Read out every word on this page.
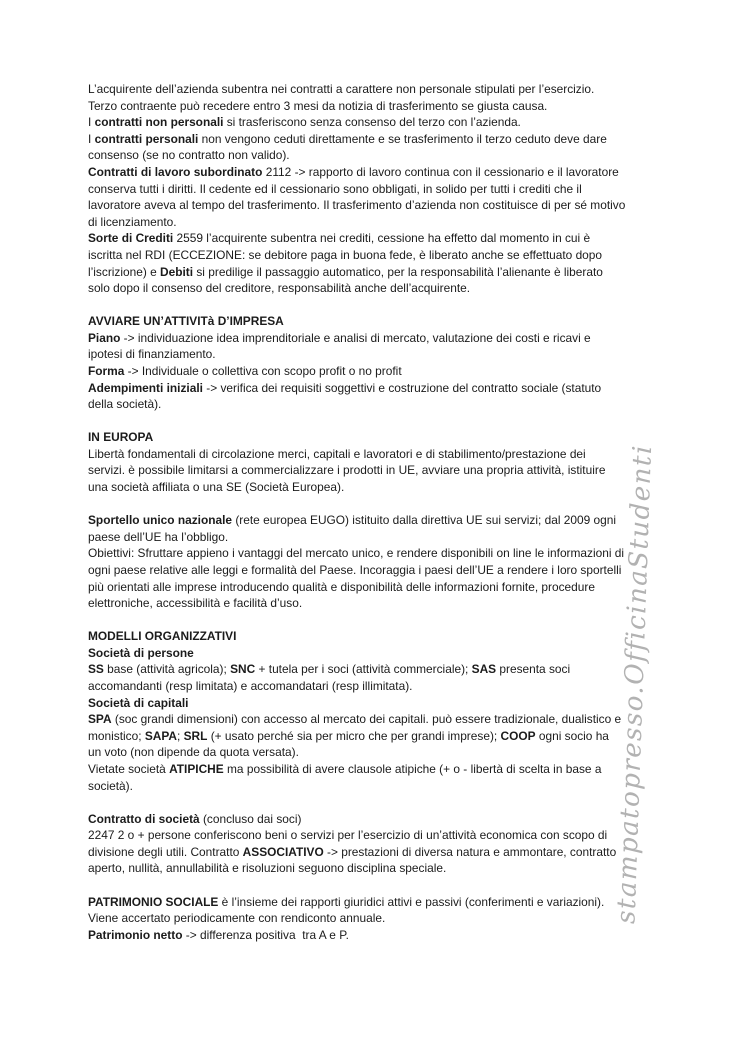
L’acquirente dell’azienda subentra nei contratti a carattere non personale stipulati per l’esercizio.
Terzo contraente può recedere entro 3 mesi da notizia di trasferimento se giusta causa.
I contratti non personali si trasferiscono senza consenso del terzo con l’azienda.
I contratti personali non vengono ceduti direttamente e se trasferimento il terzo ceduto deve dare
consenso (se no contratto non valido).
Contratti di lavoro subordinato 2112 -> rapporto di lavoro continua con il cessionario e il lavoratore
conserva tutti i diritti. Il cedente ed il cessionario sono obbligati, in solido per tutti i crediti che il
lavoratore aveva al tempo del trasferimento. Il trasferimento d’azienda non costituisce di per sé motivo
di licenziamento.
Sorte di Crediti 2559 l’acquirente subentra nei crediti, cessione ha effetto dal momento in cui è
iscritta nel RDI (ECCEZIONE: se debitore paga in buona fede, è liberato anche se effettuato dopo
l’iscrizione) e Debiti si predilige il passaggio automatico, per la responsabilità l’alienante è liberato
solo dopo il consenso del creditore, responsabilità anche dell’acquirente.
AVVIARE UN’ATTIVITà D’IMPRESA
Piano -> individuazione idea imprenditoriale e analisi di mercato, valutazione dei costi e ricavi e
ipotesi di finanziamento.
Forma -> Individuale o collettiva con scopo profit o no profit
Adempimenti iniziali -> verifica dei requisiti soggettivi e costruzione del contratto sociale (statuto
della società).
IN EUROPA
Libertà fondamentali di circolazione merci, capitali e lavoratori e di stabilimento/prestazione dei
servizi. è possibile limitarsi a commercializzare i prodotti in UE, avviare una propria attività, istituire
una società affiliata o una SE (Società Europea).
Sportello unico nazionale (rete europea EUGO) istituito dalla direttiva UE sui servizi; dal 2009 ogni
paese dell’UE ha l’obbligo.
Obiettivi: Sfruttare appieno i vantaggi del mercato unico, e rendere disponibili on line le informazioni di
ogni paese relative alle leggi e formalità del Paese. Incoraggia i paesi dell’UE a rendere i loro sportelli
più orientati alle imprese introducendo qualità e disponibilità delle informazioni fornite, procedure
elettroniche, accessibilità e facilità d’uso.
MODELLI ORGANIZZATIVI
Società di persone
SS base (attività agricola); SNC + tutela per i soci (attività commerciale); SAS presenta soci
accomandanti (resp limitata) e accomandatari (resp illimitata).
Società di capitali
SPA (soc grandi dimensioni) con accesso al mercato dei capitali. può essere tradizionale, dualistico e
monistico; SAPA; SRL (+ usato perché sia per micro che per grandi imprese); COOP ogni socio ha
un voto (non dipende da quota versata).
Vietate società ATIPICHE ma possibilità di avere clausole atipiche (+ o - libertà di scelta in base a
società).
Contratto di società (concluso dai soci)
2247 2 o + persone conferiscono beni o servizi per l’esercizio di un’attività economica con scopo di
divisione degli utili. Contratto ASSOCIATIVO -> prestazioni di diversa natura e ammontare, contratto
aperto, nullità, annullabilità e risoluzioni seguono disciplina speciale.
PATRIMONIO SOCIALE è l’insieme dei rapporti giuridici attivi e passivi (conferimenti e variazioni).
Viene accertato periodicamente con rendiconto annuale.
Patrimonio netto -> differenza positiva  tra A e P.
stampatopresso.OfficinaStudenti
